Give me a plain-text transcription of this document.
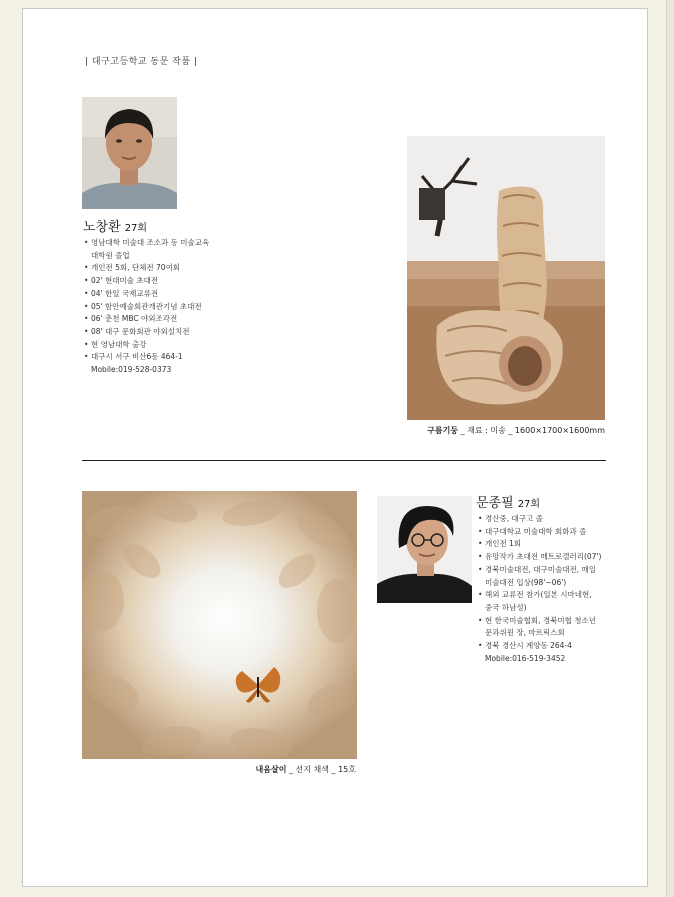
| 대구고등학교 동문 작품 |
노창환 27회
• 영남대학 미술대 조소과 동 미술교육
대학원 졸업
• 개인전 5회, 단체전 70여회
• 02' 현대미술 초대전
• 04' 한일 국제교류전
• 05' 함안예술회관개관기념 초대전
• 06' 춘천 MBC 야외조각전
• 08' 대구 문화회관 야외설치전
• 현 영남대학 출강
• 대구시 서구 비산6동 464-1
Mobile:019-528-0373
구름기둥 _ 재료 : 미송 _ 1600×1700×1600mm
내음살이 _ 선지 채색 _ 15호
문종필 27회
• 경산중, 대구고 졸
• 대구대학교 미술대학 회화과 졸
• 개인전 1회
• 유망작가 초대전 메트로갤러리(07')
• 경북미술대전, 대구미술대전, 매일
미술대전 입상(98'~06')
• 해외 교류전 참가(일본 시마네현,
중국 하남성)
• 현 한국미술협회, 경북미협 청소년
문과위원 장, 마르릭스회
• 경북 경산시 계양동 264-4
Mobile:016-519-3452
